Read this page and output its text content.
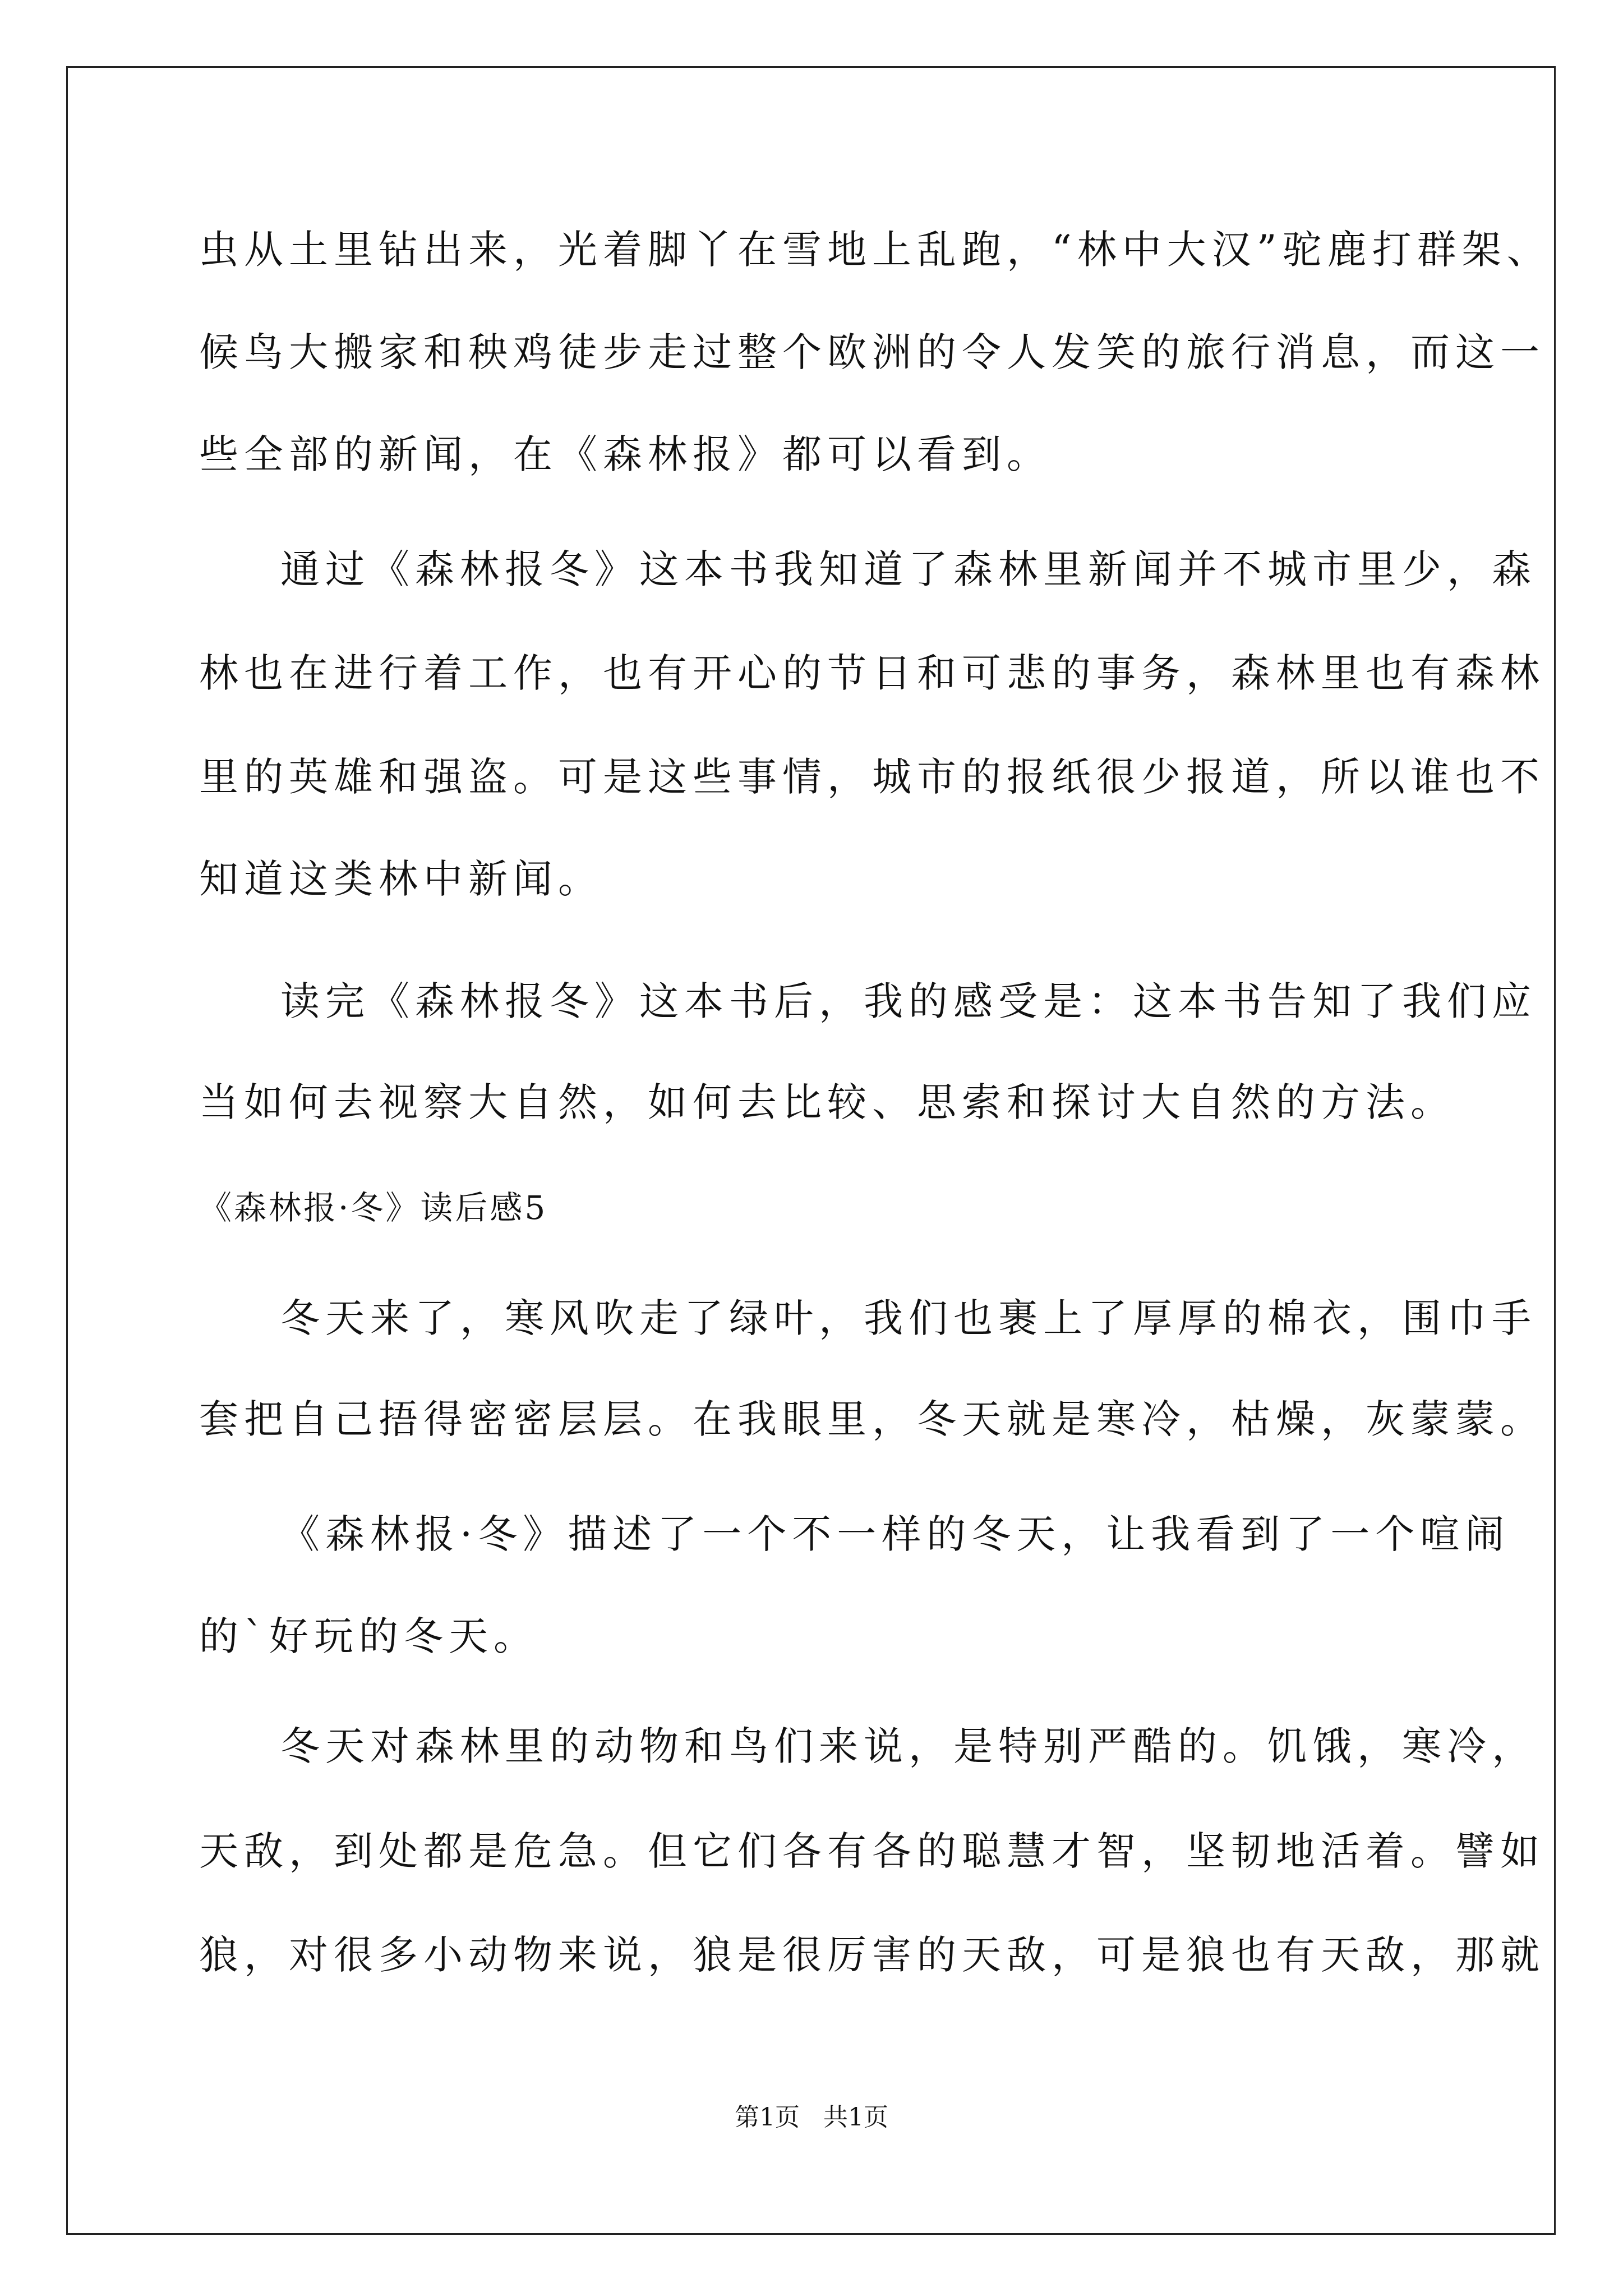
虫从土里钻出来，光着脚丫在雪地上乱跑，“林中大汉”驼鹿打群架、
候鸟大搬家和秧鸡徒步走过整个欧洲的令人发笑的旅行消息，而这一
些全部的新闻，在《森林报》都可以看到。
通过《森林报冬》这本书我知道了森林里新闻并不城市里少，森
林也在进行着工作，也有开心的节日和可悲的事务，森林里也有森林
里的英雄和强盗。可是这些事情，城市的报纸很少报道，所以谁也不
知道这类林中新闻。
读完《森林报冬》这本书后，我的感受是：这本书告知了我们应
当如何去视察大自然，如何去比较、思索和探讨大自然的方法。
《森林报·冬》读后感5
冬天来了，寒风吹走了绿叶，我们也裹上了厚厚的棉衣，围巾手
套把自己捂得密密层层。在我眼里，冬天就是寒冷，枯燥，灰蒙蒙。
《森林报·冬》描述了一个不一样的冬天，让我看到了一个喧闹
的`好玩的冬天。
冬天对森林里的动物和鸟们来说，是特别严酷的。饥饿，寒冷，
天敌，到处都是危急。但它们各有各的聪慧才智，坚韧地活着。譬如
狼，对很多小动物来说，狼是很厉害的天敌，可是狼也有天敌，那就
第1页   共1页
